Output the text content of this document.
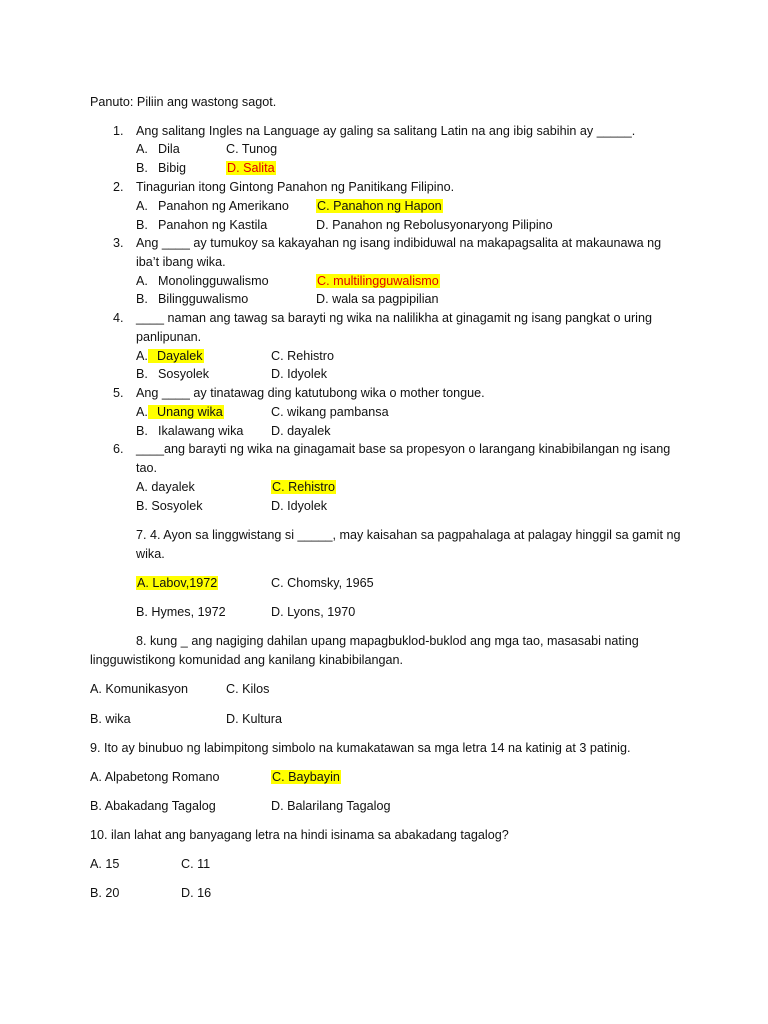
Panuto: Piliin ang wastong sagot.
1. Ang salitang Ingles na Language ay galing sa salitang Latin na ang ibig sabihin ay _____.
A. Dila	C. Tunog
B. Bibig	D. Salita
2. Tinagurian itong Gintong Panahon ng Panitikang Filipino.
A. Panahon ng Amerikano C. Panahon ng Hapon
B. Panahon ng Kastila	D. Panahon ng Rebolusyonaryong Pilipino
3. Ang ____ ay tumukoy sa kakayahan ng isang indibiduwal na makapagsalita at makaunawa ng
iba’t ibang wika.
A. Monolingguwalismo	C. multilingguwalismo
B. Bilingguwalismo	D. wala sa pagpipilian
4. ____ naman ang tawag sa barayti ng wika na nalilikha at ginagamit ng isang pangkat o uring
panlipunan.
A. Dayalek	C. Rehistro
B. Sosyolek	D. Idyolek
5. Ang ____ ay tinatawag ding katutubong wika o mother tongue.
A. Unang wika	C. wikang pambansa
B. Ikalawang wika D. dayalek
6. ____ang barayti ng wika na ginagamait base sa propesyon o larangang kinabibilangan ng isang
tao.
A. dayalek	C. Rehistro
B. Sosyolek	D. Idyolek
7. 4. Ayon sa linggwistang si _____, may kaisahan sa pagpahalaga at palagay hinggil sa gamit ng
wika.
A. Labov,1972	C. Chomsky, 1965
B. Hymes, 1972	D. Lyons, 1970
8. kung _ ang nagiging dahilan upang mapagbuklod-buklod ang mga tao, masasabi nating
lingguwistikong komunidad ang kanilang kinabibilangan.
A. Komunikasyon	C. Kilos
B. wika	D. Kultura
9. Ito ay binubuo ng labimpitong simbolo na kumakatawan sa mga letra 14 na katinig at 3 patinig.
A. Alpabetong Romano	C. Baybayin
B. Abakadang Tagalog	D. Balarilang Tagalog
10. ilan lahat ang banyagang letra na hindi isinama sa abakadang tagalog?
A. 15	C. 11
B. 20	D. 16
